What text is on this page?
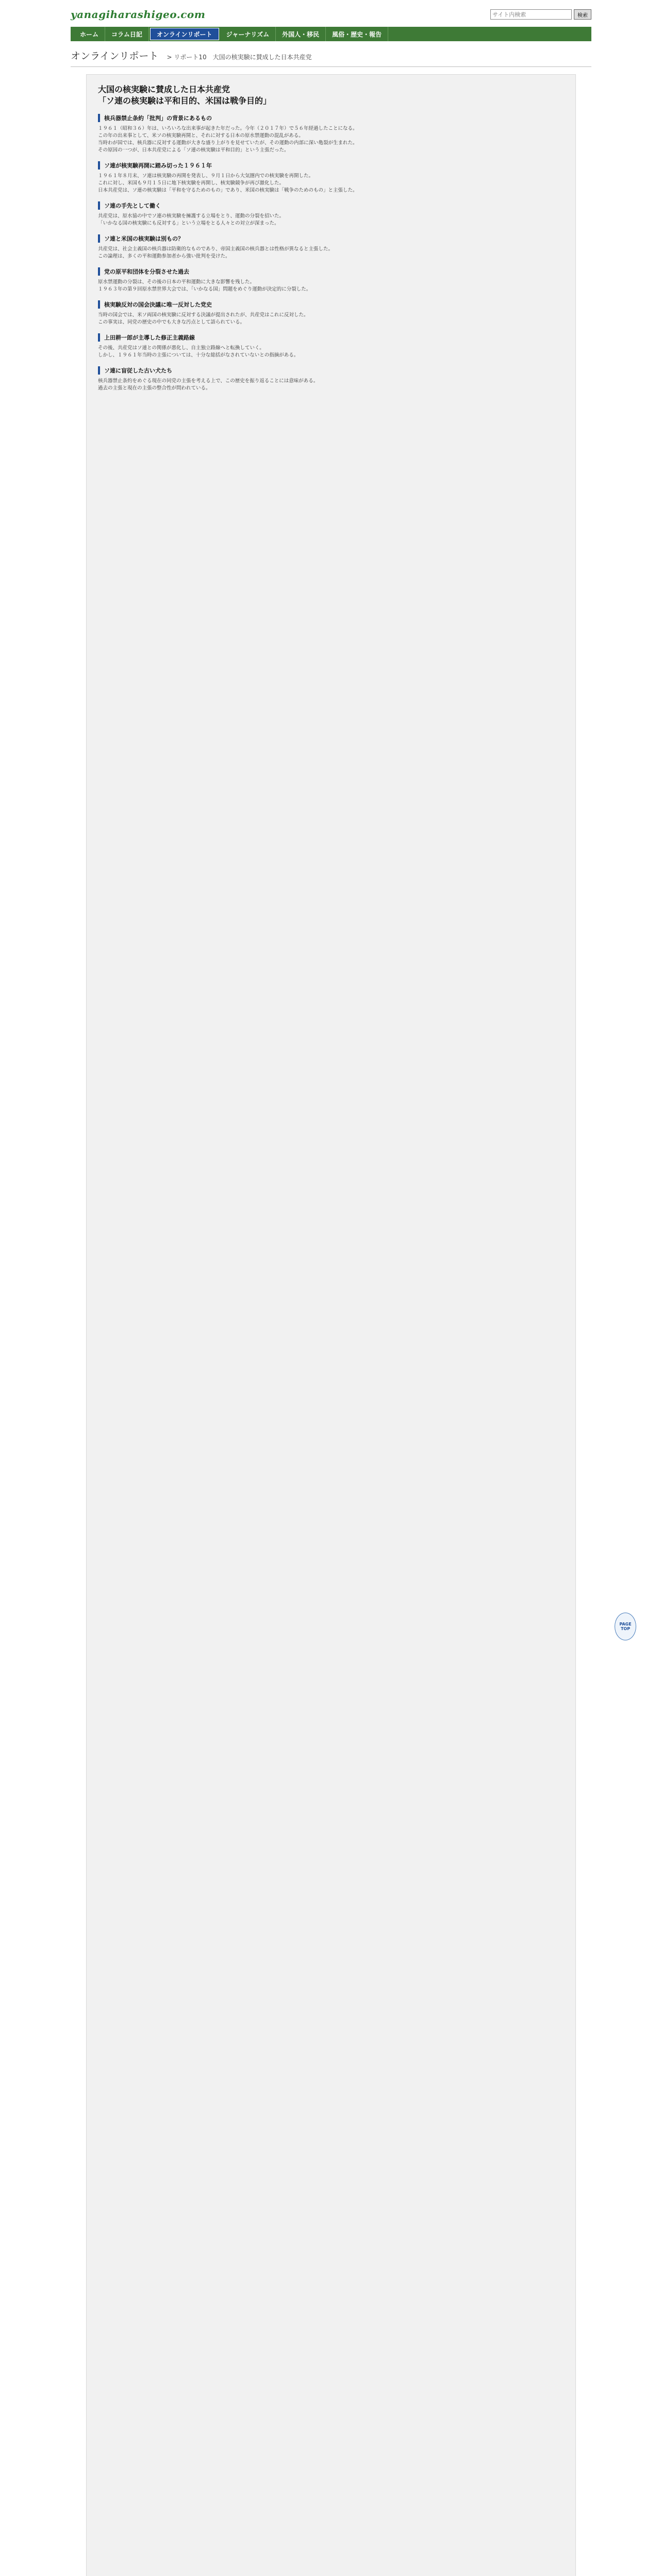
yanagiharashigeo.com
サイト内検索	検索
ホーム	コラム日記	オンラインリポート	ジャーナリズム	外国人・移民	風俗・歴史・報告
オンラインリポート > リポート10　大国の核実験に賛成した日本共産党
大国の核実験に賛成した日本共産党
「ソ連の核実験は平和目的、米国は戦争目的」
核兵器禁止条約「批判」の背景にあるもの

１９６１（昭和３６）年は、いろいろな出来事が起きた年だった。今年（２０１７年）で５６年経過したことになる。

この年の出来事として、米ソの核実験再開と、それに対する日本の原水禁運動の混乱がある。

当時わが国では、核兵器に反対する運動が大きな盛り上がりを見せていたが、その運動の内部に深い亀裂が生まれた。

その原因の一つが、日本共産党による「ソ連の核実験は平和目的」という主張だった。

ソ連が核実験再開に踏み切った１９６１年

１９６１年８月末、ソ連は核実験の再開を発表し、９月１日から大気圏内での核実験を再開した。

これに対し、米国も９月１５日に地下核実験を再開し、核実験競争が再び激化した。

日本共産党は、ソ連の核実験は「平和を守るためのもの」であり、米国の核実験は「戦争のためのもの」と主張した。

ソ連の手先として働く

共産党は、原水協の中でソ連の核実験を擁護する立場をとり、運動の分裂を招いた。

「いかなる国の核実験にも反対する」という立場をとる人々との対立が深まった。

ソ連と米国の核実験は別もの？

共産党は、社会主義国の核兵器は防衛的なものであり、帝国主義国の核兵器とは性格が異なると主張した。

この論理は、多くの平和運動参加者から強い批判を受けた。

党の原平和団体を分裂させた過去

原水禁運動の分裂は、その後の日本の平和運動に大きな影響を残した。

１９６３年の第９回原水禁世界大会では、「いかなる国」問題をめぐり運動が決定的に分裂した。

核実験反対の国会決議に唯一反対した党史

当時の国会では、米ソ両国の核実験に反対する決議が提出されたが、共産党はこれに反対した。

この事実は、同党の歴史の中でも大きな汚点として語られている。

上田耕一郎が主導した修正主義路線

その後、共産党はソ連との関係が悪化し、自主独立路線へと転換していく。

しかし、１９６１年当時の主張については、十分な総括がなされていないとの指摘がある。

ソ連に盲従した古い犬たち

核兵器禁止条約をめぐる現在の同党の主張を考える上で、この歴史を振り返ることには意味がある。

過去の主張と現在の主張の整合性が問われている。

PAGE
TOP
